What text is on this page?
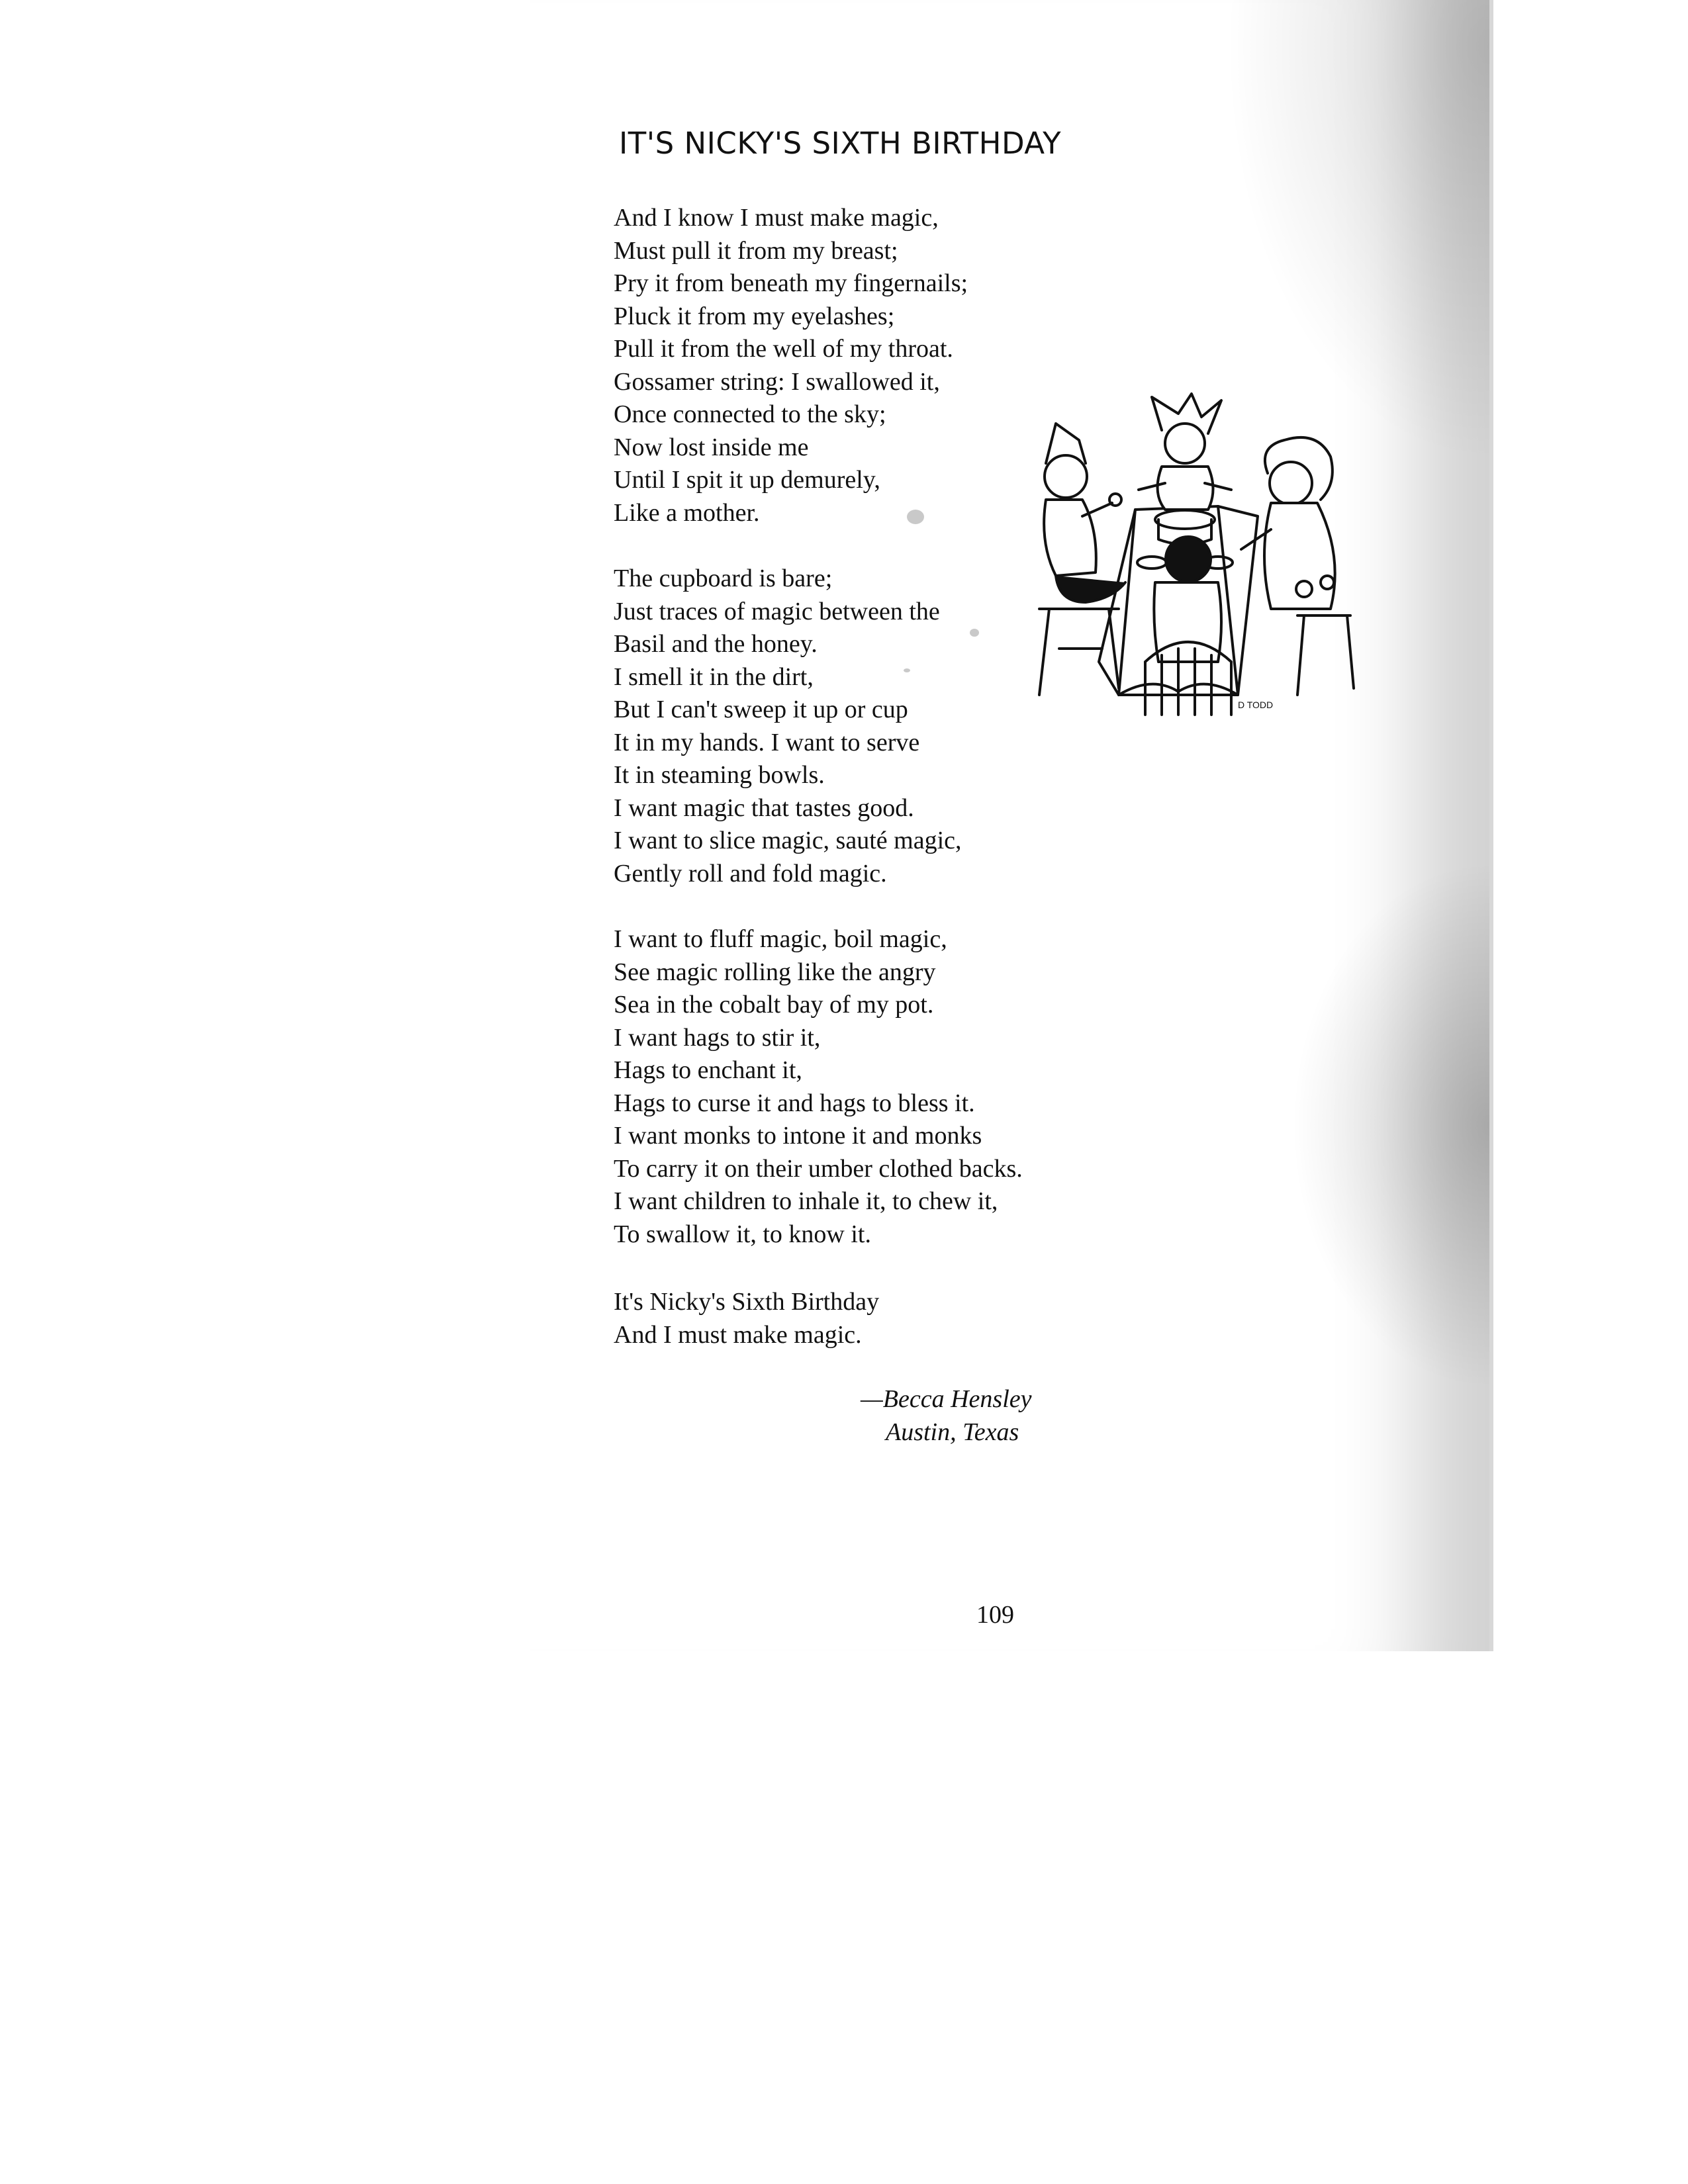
IT'S NICKY'S SIXTH BIRTHDAY
And I know I must make magic,
Must pull it from my breast;
Pry it from beneath my fingernails;
Pluck it from my eyelashes;
Pull it from the well of my throat.
Gossamer string: I swallowed it,
Once connected to the sky;
Now lost inside me
Until I spit it up demurely,
Like a mother.
The cupboard is bare;
Just traces of magic between the
Basil and the honey.
I smell it in the dirt,
But I can't sweep it up or cup
It in my hands. I want to serve
It in steaming bowls.
I want magic that tastes good.
I want to slice magic, sauté magic,
Gently roll and fold magic.
I want to fluff magic, boil magic,
See magic rolling like the angry
Sea in the cobalt bay of my pot.
I want hags to stir it,
Hags to enchant it,
Hags to curse it and hags to bless it.
I want monks to intone it and monks
To carry it on their umber clothed backs.
I want children to inhale it, to chew it,
To swallow it, to know it.
It's Nicky's Sixth Birthday
And I must make magic.
—Becca Hensley
Austin, Texas
109
D TODD
